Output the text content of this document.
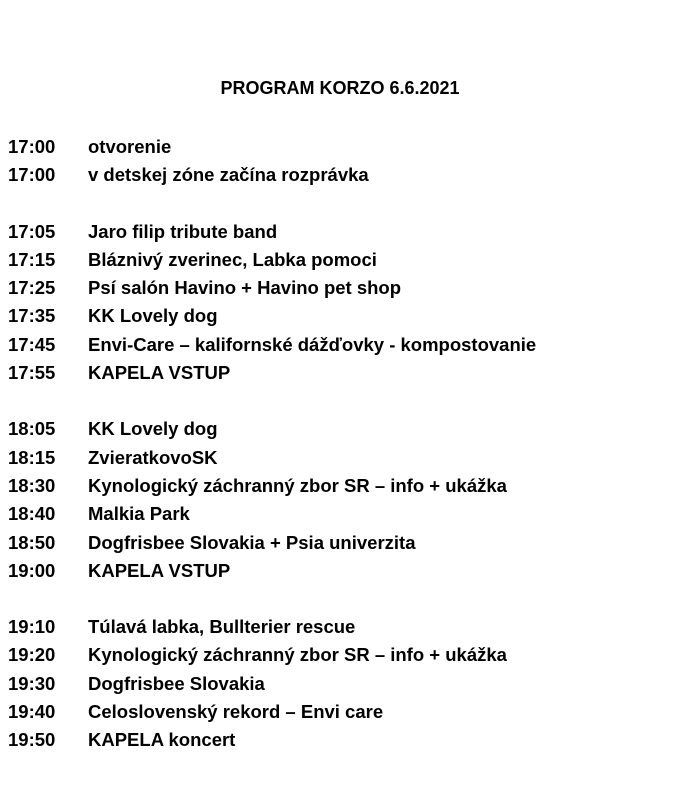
PROGRAM KORZO 6.6.2021
17:00	otvorenie
17:00	v detskej zóne začína rozprávka
17:05	Jaro filip tribute band
17:15	Bláznivý zverinec, Labka pomoci
17:25	Psí salón Havino + Havino pet shop
17:35	KK Lovely dog
17:45	Envi-Care – kalifornské dážďovky - kompostovanie
17:55	KAPELA VSTUP
18:05	KK Lovely dog
18:15	ZvieratkovoSK
18:30	Kynologický záchranný zbor SR – info + ukážka
18:40	Malkia Park
18:50	Dogfrisbee Slovakia + Psia univerzita
19:00	KAPELA VSTUP
19:10	Túlavá labka, Bullterier rescue
19:20	Kynologický záchranný zbor SR – info + ukážka
19:30	Dogfrisbee Slovakia
19:40	Celoslovenský rekord – Envi care
19:50	KAPELA koncert
